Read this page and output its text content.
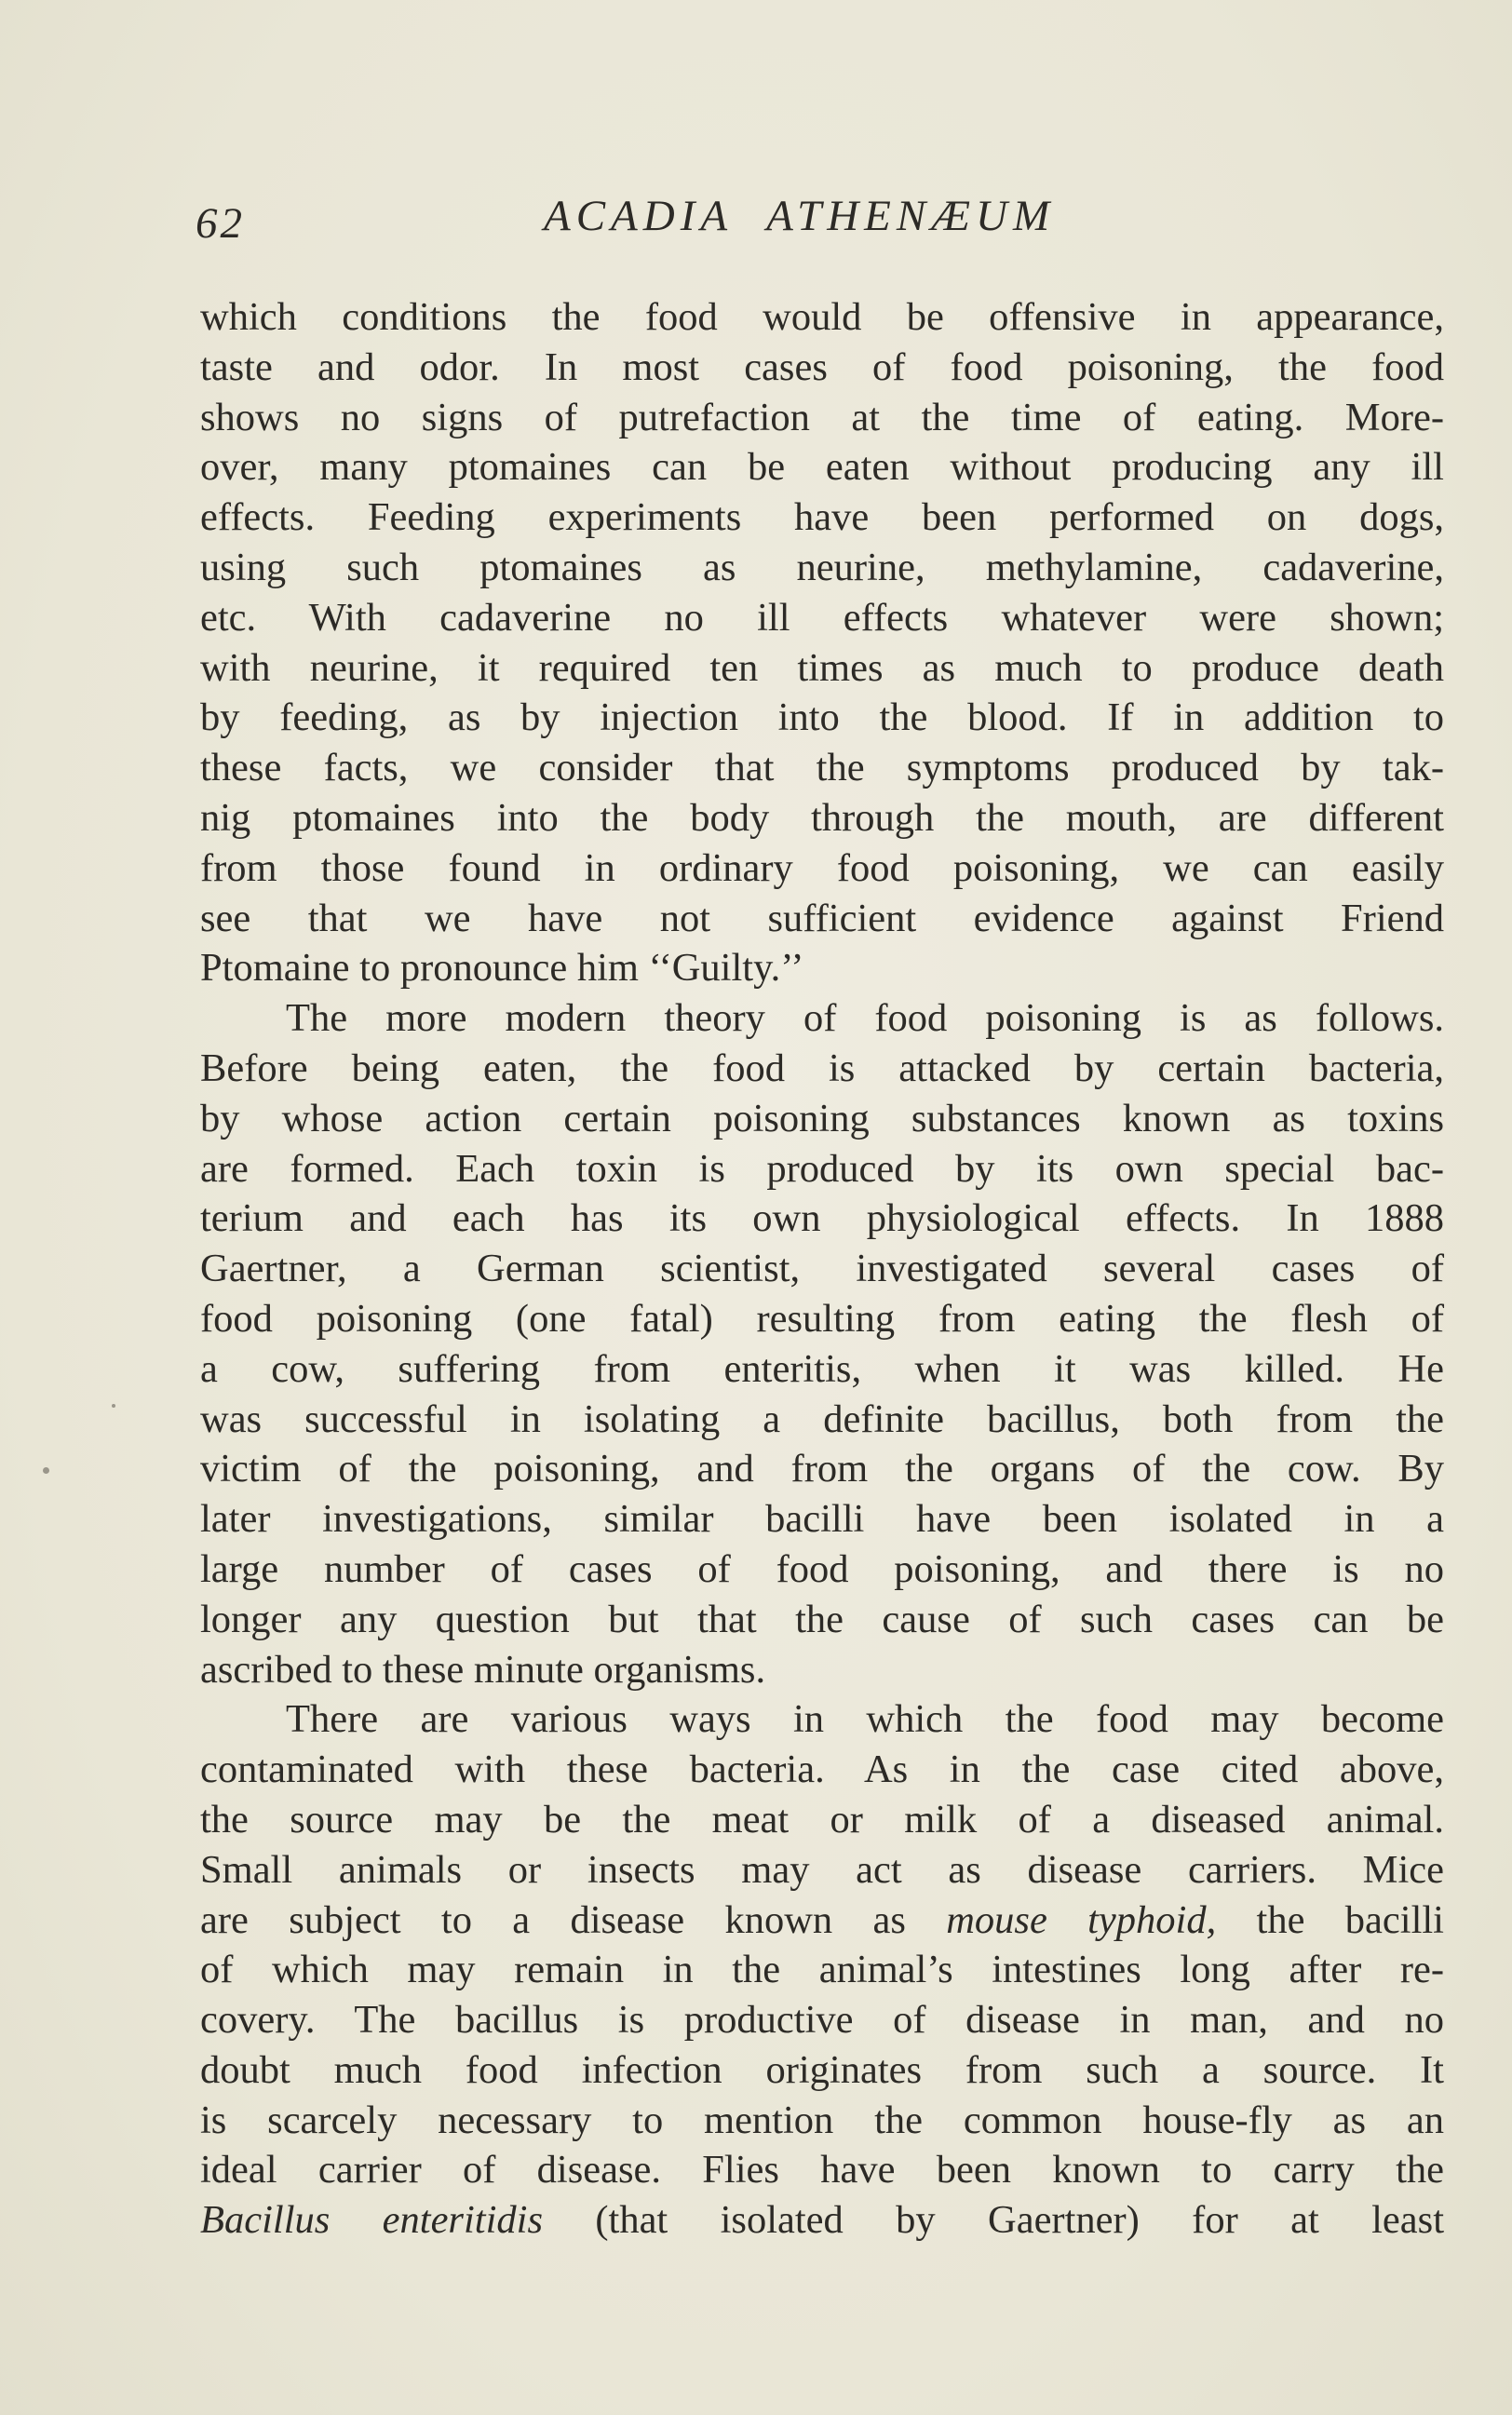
62	ACADIA ATHENÆUM
which conditions the food would be offensive in appearance,
taste and odor. In most cases of food poisoning, the food
shows no signs of putrefaction at the time of eating. More-
over, many ptomaines can be eaten without producing any ill
effects. Feeding experiments have been performed on dogs,
using such ptomaines as neurine, methylamine, cadaverine,
etc. With cadaverine no ill effects whatever were shown;
with neurine, it required ten times as much to produce death
by feeding, as by injection into the blood. If in addition to
these facts, we consider that the symptoms produced by tak-
nig ptomaines into the body through the mouth, are different
from those found in ordinary food poisoning, we can easily
see that we have not sufficient evidence against Friend
Ptomaine to pronounce him ‘‘Guilty.’’
The more modern theory of food poisoning is as follows.
Before being eaten, the food is attacked by certain bacteria,
by whose action certain poisoning substances known as toxins
are formed. Each toxin is produced by its own special bac-
terium and each has its own physiological effects. In 1888
Gaertner, a German scientist, investigated several cases of
food poisoning (one fatal) resulting from eating the flesh of
a cow, suffering from enteritis, when it was killed. He
was successful in isolating a definite bacillus, both from the
victim of the poisoning, and from the organs of the cow. By
later investigations, similar bacilli have been isolated in a
large number of cases of food poisoning, and there is no
longer any question but that the cause of such cases can be
ascribed to these minute organisms.
There are various ways in which the food may become
contaminated with these bacteria. As in the case cited above,
the source may be the meat or milk of a diseased animal.
Small animals or insects may act as disease carriers. Mice
are subject to a disease known as mouse typhoid, the bacilli
of which may remain in the animal’s intestines long after re-
covery. The bacillus is productive of disease in man, and no
doubt much food infection originates from such a source. It
is scarcely necessary to mention the common house-fly as an
ideal carrier of disease. Flies have been known to carry the
Bacillus enteritidis (that isolated by Gaertner) for at least
